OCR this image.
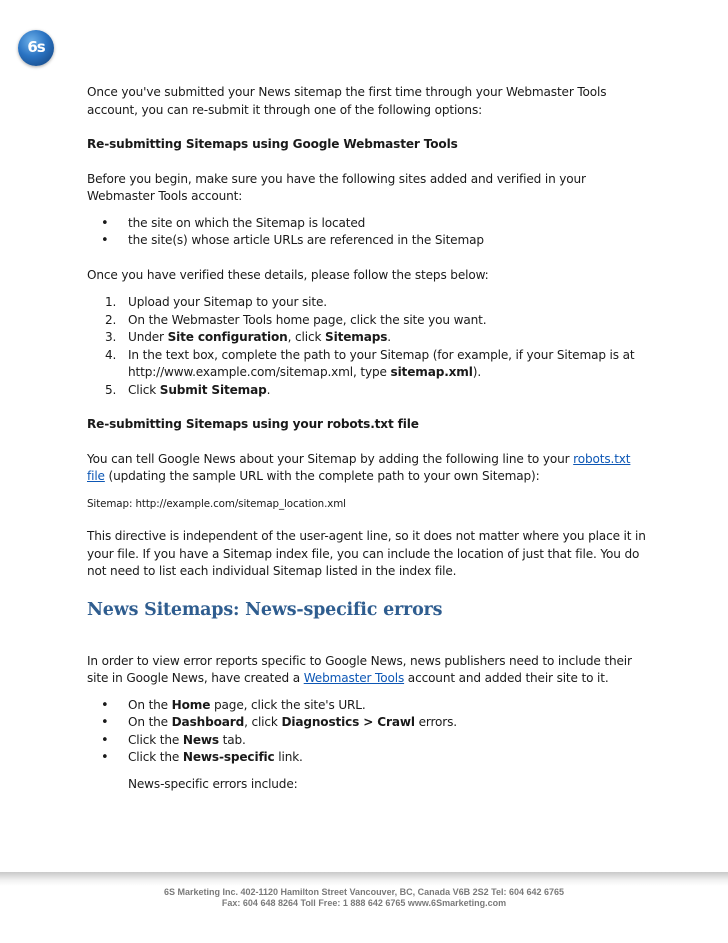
6s

Once you've submitted your News sitemap the first time through your Webmaster Tools account, you can re-submit it through one of the following options:

Re-submitting Sitemaps using Google Webmaster Tools

Before you begin, make sure you have the following sites added and verified in your Webmaster Tools account:

• the site on which the Sitemap is located
• the site(s) whose article URLs are referenced in the Sitemap

Once you have verified these details, please follow the steps below:

1. Upload your Sitemap to your site.
2. On the Webmaster Tools home page, click the site you want.
3. Under Site configuration, click Sitemaps.
4. In the text box, complete the path to your Sitemap (for example, if your Sitemap is at http://www.example.com/sitemap.xml, type sitemap.xml).
5. Click Submit Sitemap.

Re-submitting Sitemaps using your robots.txt file

You can tell Google News about your Sitemap by adding the following line to your robots.txt file (updating the sample URL with the complete path to your own Sitemap):

Sitemap: http://example.com/sitemap_location.xml

This directive is independent of the user-agent line, so it does not matter where you place it in your file. If you have a Sitemap index file, you can include the location of just that file. You do not need to list each individual Sitemap listed in the index file.

News Sitemaps: News-specific errors

In order to view error reports specific to Google News, news publishers need to include their site in Google News, have created a Webmaster Tools account and added their site to it.

• On the Home page, click the site's URL.
• On the Dashboard, click Diagnostics > Crawl errors.
• Click the News tab.
• Click the News-specific link.

News-specific errors include:

6S Marketing Inc. 402-1120 Hamilton Street Vancouver, BC, Canada V6B 2S2 Tel: 604 642 6765
Fax: 604 648 8264 Toll Free: 1 888 642 6765 www.6Smarketing.com
